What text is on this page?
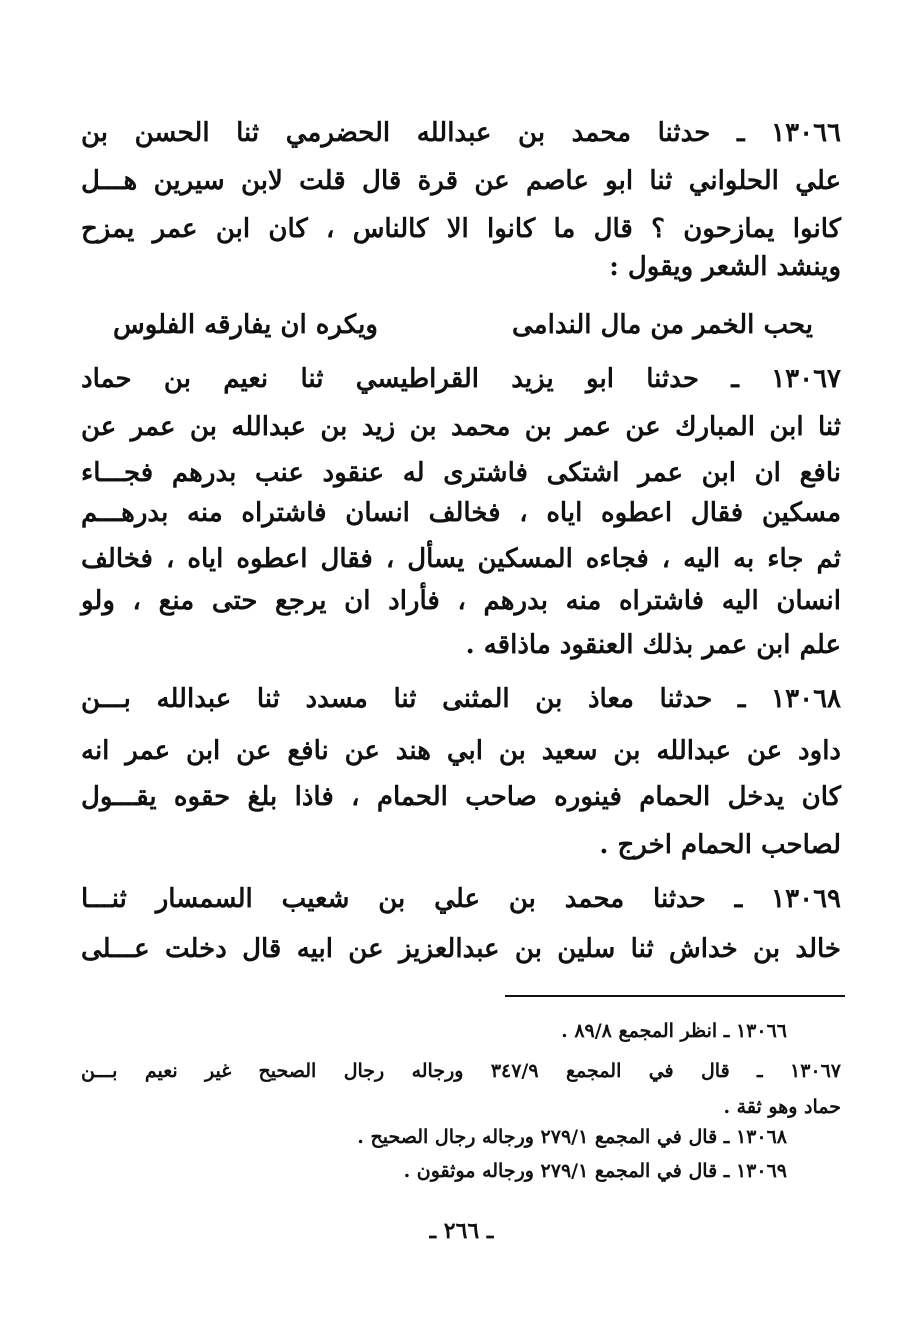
١٣٠٦٦ ـ حدثنا محمد بن عبدالله الحضرمي ثنا الحسن بن
علي الحلواني ثنا ابو عاصم عن قرة قال قلت لابن سيرين هـــل
كانوا يمازحون ؟ قال ما كانوا الا كالناس ، كان ابن عمر يمزح
وينشد الشعر ويقول :
يحب الخمر من مال الندامى
ويكره ان يفارقه الفلوس
١٣٠٦٧ ـ حدثنا ابو يزيد القراطيسي ثنا نعيم بن حماد
ثنا ابن المبارك عن عمر بن محمد بن زيد بن عبدالله بن عمر عن
نافع ان ابن عمر اشتكى فاشترى له عنقود عنب بدرهم فجـــاء
مسكين فقال اعطوه اياه ، فخالف انسان فاشتراه منه بدرهـــم
ثم جاء به اليه ، فجاءه المسكين يسأل ، فقال اعطوه اياه ، فخالف
انسان اليه فاشتراه منه بدرهم ، فأراد ان يرجع حتى منع ، ولو
علم ابن عمر بذلك العنقود ماذاقه .
١٣٠٦٨ ـ حدثنا معاذ بن المثنى ثنا مسدد ثنا عبدالله بـــن
داود عن عبدالله بن سعيد بن ابي هند عن نافع عن ابن عمر انه
كان يدخل الحمام فينوره صاحب الحمام ، فاذا بلغ حقوه يقـــول
لصاحب الحمام اخرج .
١٣٠٦٩ ـ حدثنا محمد بن علي بن شعيب السمسار ثنـــا
خالد بن خداش ثنا سلين بن عبدالعزيز عن ابيه قال دخلت عـــلى
١٣٠٦٦ ـ انظر المجمع ٨٩/٨ .
١٣٠٦٧ ـ قال في المجمع ٣٤٧/٩ ورجاله رجال الصحيح غير نعيم بـــن
حماد وهو ثقة .
١٣٠٦٨ ـ قال في المجمع ٢٧٩/١ ورجاله رجال الصحيح .
١٣٠٦٩ ـ قال في المجمع ٢٧٩/١ ورجاله موثقون .
ـ ٢٦٦ ـ
